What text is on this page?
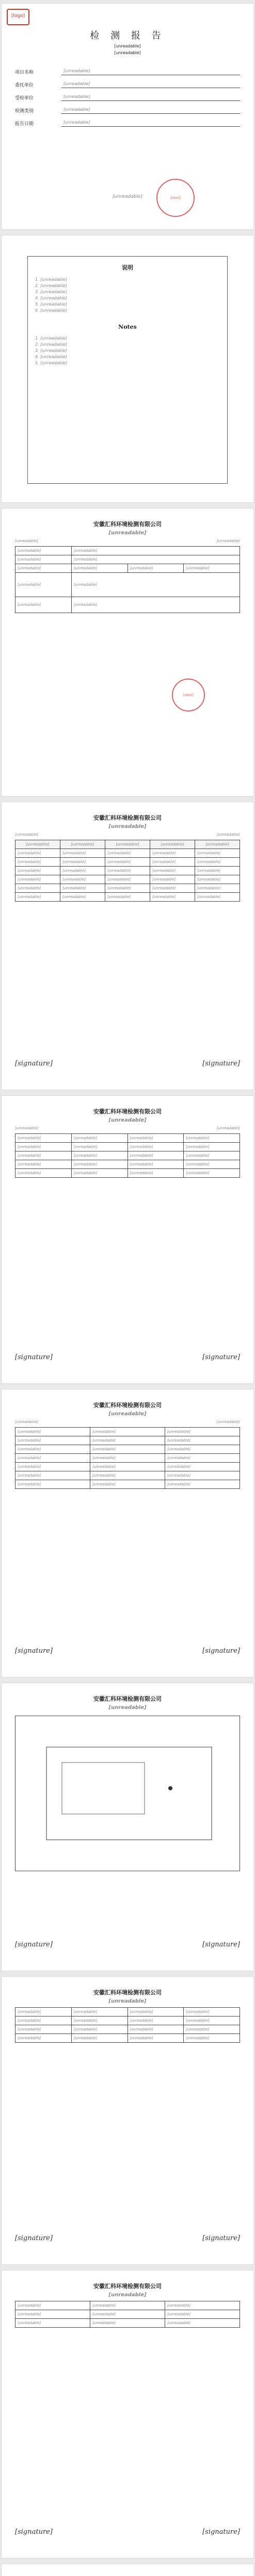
[logo]
检 测 报 告
[unreadable]
[unreadable]
项目名称	[unreadable]
委托单位	[unreadable]
受检单位	[unreadable]
检测类别	[unreadable]
报告日期	[unreadable]
[unreadable]	[seal]
说明
1. [unreadable]
2. [unreadable]
3. [unreadable]
4. [unreadable]
5. [unreadable]
6. [unreadable]
Notes
1. [unreadable]
2. [unreadable]
3. [unreadable]
4. [unreadable]
5. [unreadable]
安徽汇科环境检测有限公司
[unreadable]
[unreadable]	[unreadable]
[unreadable]	[unreadable]		
[unreadable]	[unreadable]		
[unreadable]	[unreadable]	[unreadable]	[unreadable]
[unreadable]	[unreadable]		
[unreadable]	[unreadable]		
[seal]
安徽汇科环境检测有限公司
[unreadable]
[unreadable]	[unreadable]
[unreadable]	[unreadable]	[unreadable]	[unreadable]	[unreadable]
[unreadable]	[unreadable]	[unreadable]	[unreadable]	[unreadable]
[unreadable]	[unreadable]	[unreadable]	[unreadable]	[unreadable]
[unreadable]	[unreadable]	[unreadable]	[unreadable]	[unreadable]
[unreadable]	[unreadable]	[unreadable]	[unreadable]	[unreadable]
[unreadable]	[unreadable]	[unreadable]	[unreadable]	[unreadable]
[unreadable]	[unreadable]	[unreadable]	[unreadable]	[unreadable]
[signature]	[signature]
安徽汇科环境检测有限公司
[unreadable]
[unreadable]	[unreadable]
[unreadable]	[unreadable]	[unreadable]	[unreadable]
[unreadable]	[unreadable]	[unreadable]	[unreadable]
[unreadable]	[unreadable]	[unreadable]	[unreadable]
[unreadable]	[unreadable]	[unreadable]	[unreadable]
[unreadable]	[unreadable]	[unreadable]	[unreadable]
[signature]	[signature]
安徽汇科环境检测有限公司
[unreadable]
[unreadable]	[unreadable]
[unreadable]	[unreadable]	[unreadable]
[unreadable]	[unreadable]	[unreadable]
[unreadable]	[unreadable]	[unreadable]
[unreadable]	[unreadable]	[unreadable]
[unreadable]	[unreadable]	[unreadable]
[unreadable]	[unreadable]	[unreadable]
[unreadable]	[unreadable]	[unreadable]
[signature]	[signature]
安徽汇科环境检测有限公司
[unreadable]
[signature]	[signature]
安徽汇科环境检测有限公司
[unreadable]
[unreadable]	[unreadable]	[unreadable]	[unreadable]
[unreadable]	[unreadable]	[unreadable]	[unreadable]
[unreadable]	[unreadable]	[unreadable]	[unreadable]
[unreadable]	[unreadable]	[unreadable]	[unreadable]
[signature]	[signature]
安徽汇科环境检测有限公司
[unreadable]
[unreadable]	[unreadable]	[unreadable]
[unreadable]	[unreadable]	[unreadable]
[unreadable]	[unreadable]	[unreadable]
[signature]	[signature]
